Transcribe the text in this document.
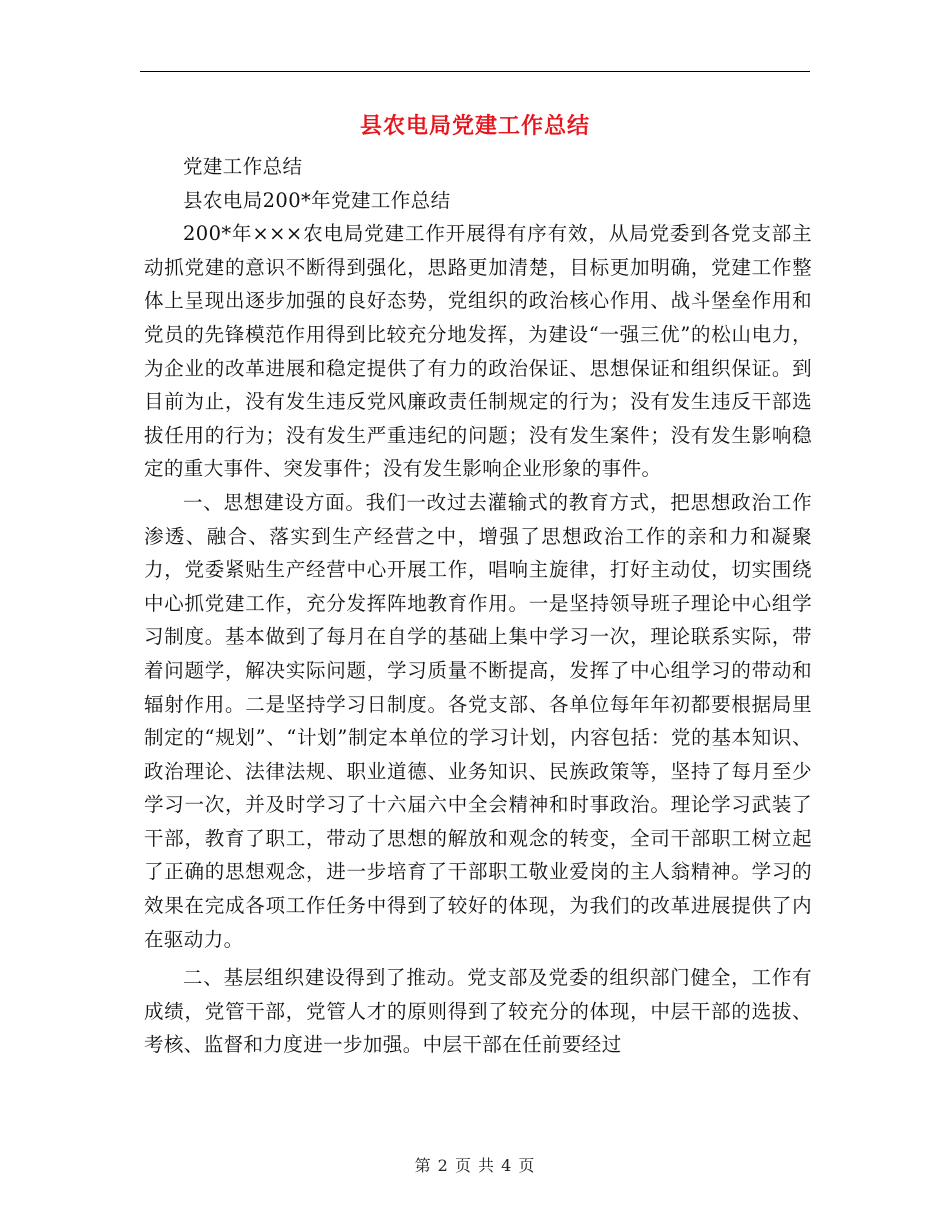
县农电局党建工作总结

党建工作总结

县农电局200*年党建工作总结

200*年×××农电局党建工作开展得有序有效，从局党委到各党支部主动抓党建的意识不断得到强化，思路更加清楚，目标更加明确，党建工作整体上呈现出逐步加强的良好态势，党组织的政治核心作用、战斗堡垒作用和党员的先锋模范作用得到比较充分地发挥，为建设“一强三优”的松山电力，为企业的改革进展和稳定提供了有力的政治保证、思想保证和组织保证。到目前为止，没有发生违反党风廉政责任制规定的行为；没有发生违反干部选拔任用的行为；没有发生严重违纪的问题；没有发生案件；没有发生影响稳定的重大事件、突发事件；没有发生影响企业形象的事件。

一、思想建设方面。我们一改过去灌输式的教育方式，把思想政治工作渗透、融合、落实到生产经营之中，增强了思想政治工作的亲和力和凝聚力，党委紧贴生产经营中心开展工作，唱响主旋律，打好主动仗，切实围绕中心抓党建工作，充分发挥阵地教育作用。一是坚持领导班子理论中心组学习制度。基本做到了每月在自学的基础上集中学习一次，理论联系实际，带着问题学，解决实际问题，学习质量不断提高，发挥了中心组学习的带动和辐射作用。二是坚持学习日制度。各党支部、各单位每年年初都要根据局里制定的“规划”、“计划”制定本单位的学习计划，内容包括：党的基本知识、政治理论、法律法规、职业道德、业务知识、民族政策等，坚持了每月至少学习一次，并及时学习了十六届六中全会精神和时事政治。理论学习武装了干部，教育了职工，带动了思想的解放和观念的转变，全司干部职工树立起了正确的思想观念，进一步培育了干部职工敬业爱岗的主人翁精神。学习的效果在完成各项工作任务中得到了较好的体现，为我们的改革进展提供了内在驱动力。

二、基层组织建设得到了推动。党支部及党委的组织部门健全，工作有成绩，党管干部，党管人才的原则得到了较充分的体现，中层干部的选拔、考核、监督和力度进一步加强。中层干部在任前要经过

第 2 页 共 4 页
